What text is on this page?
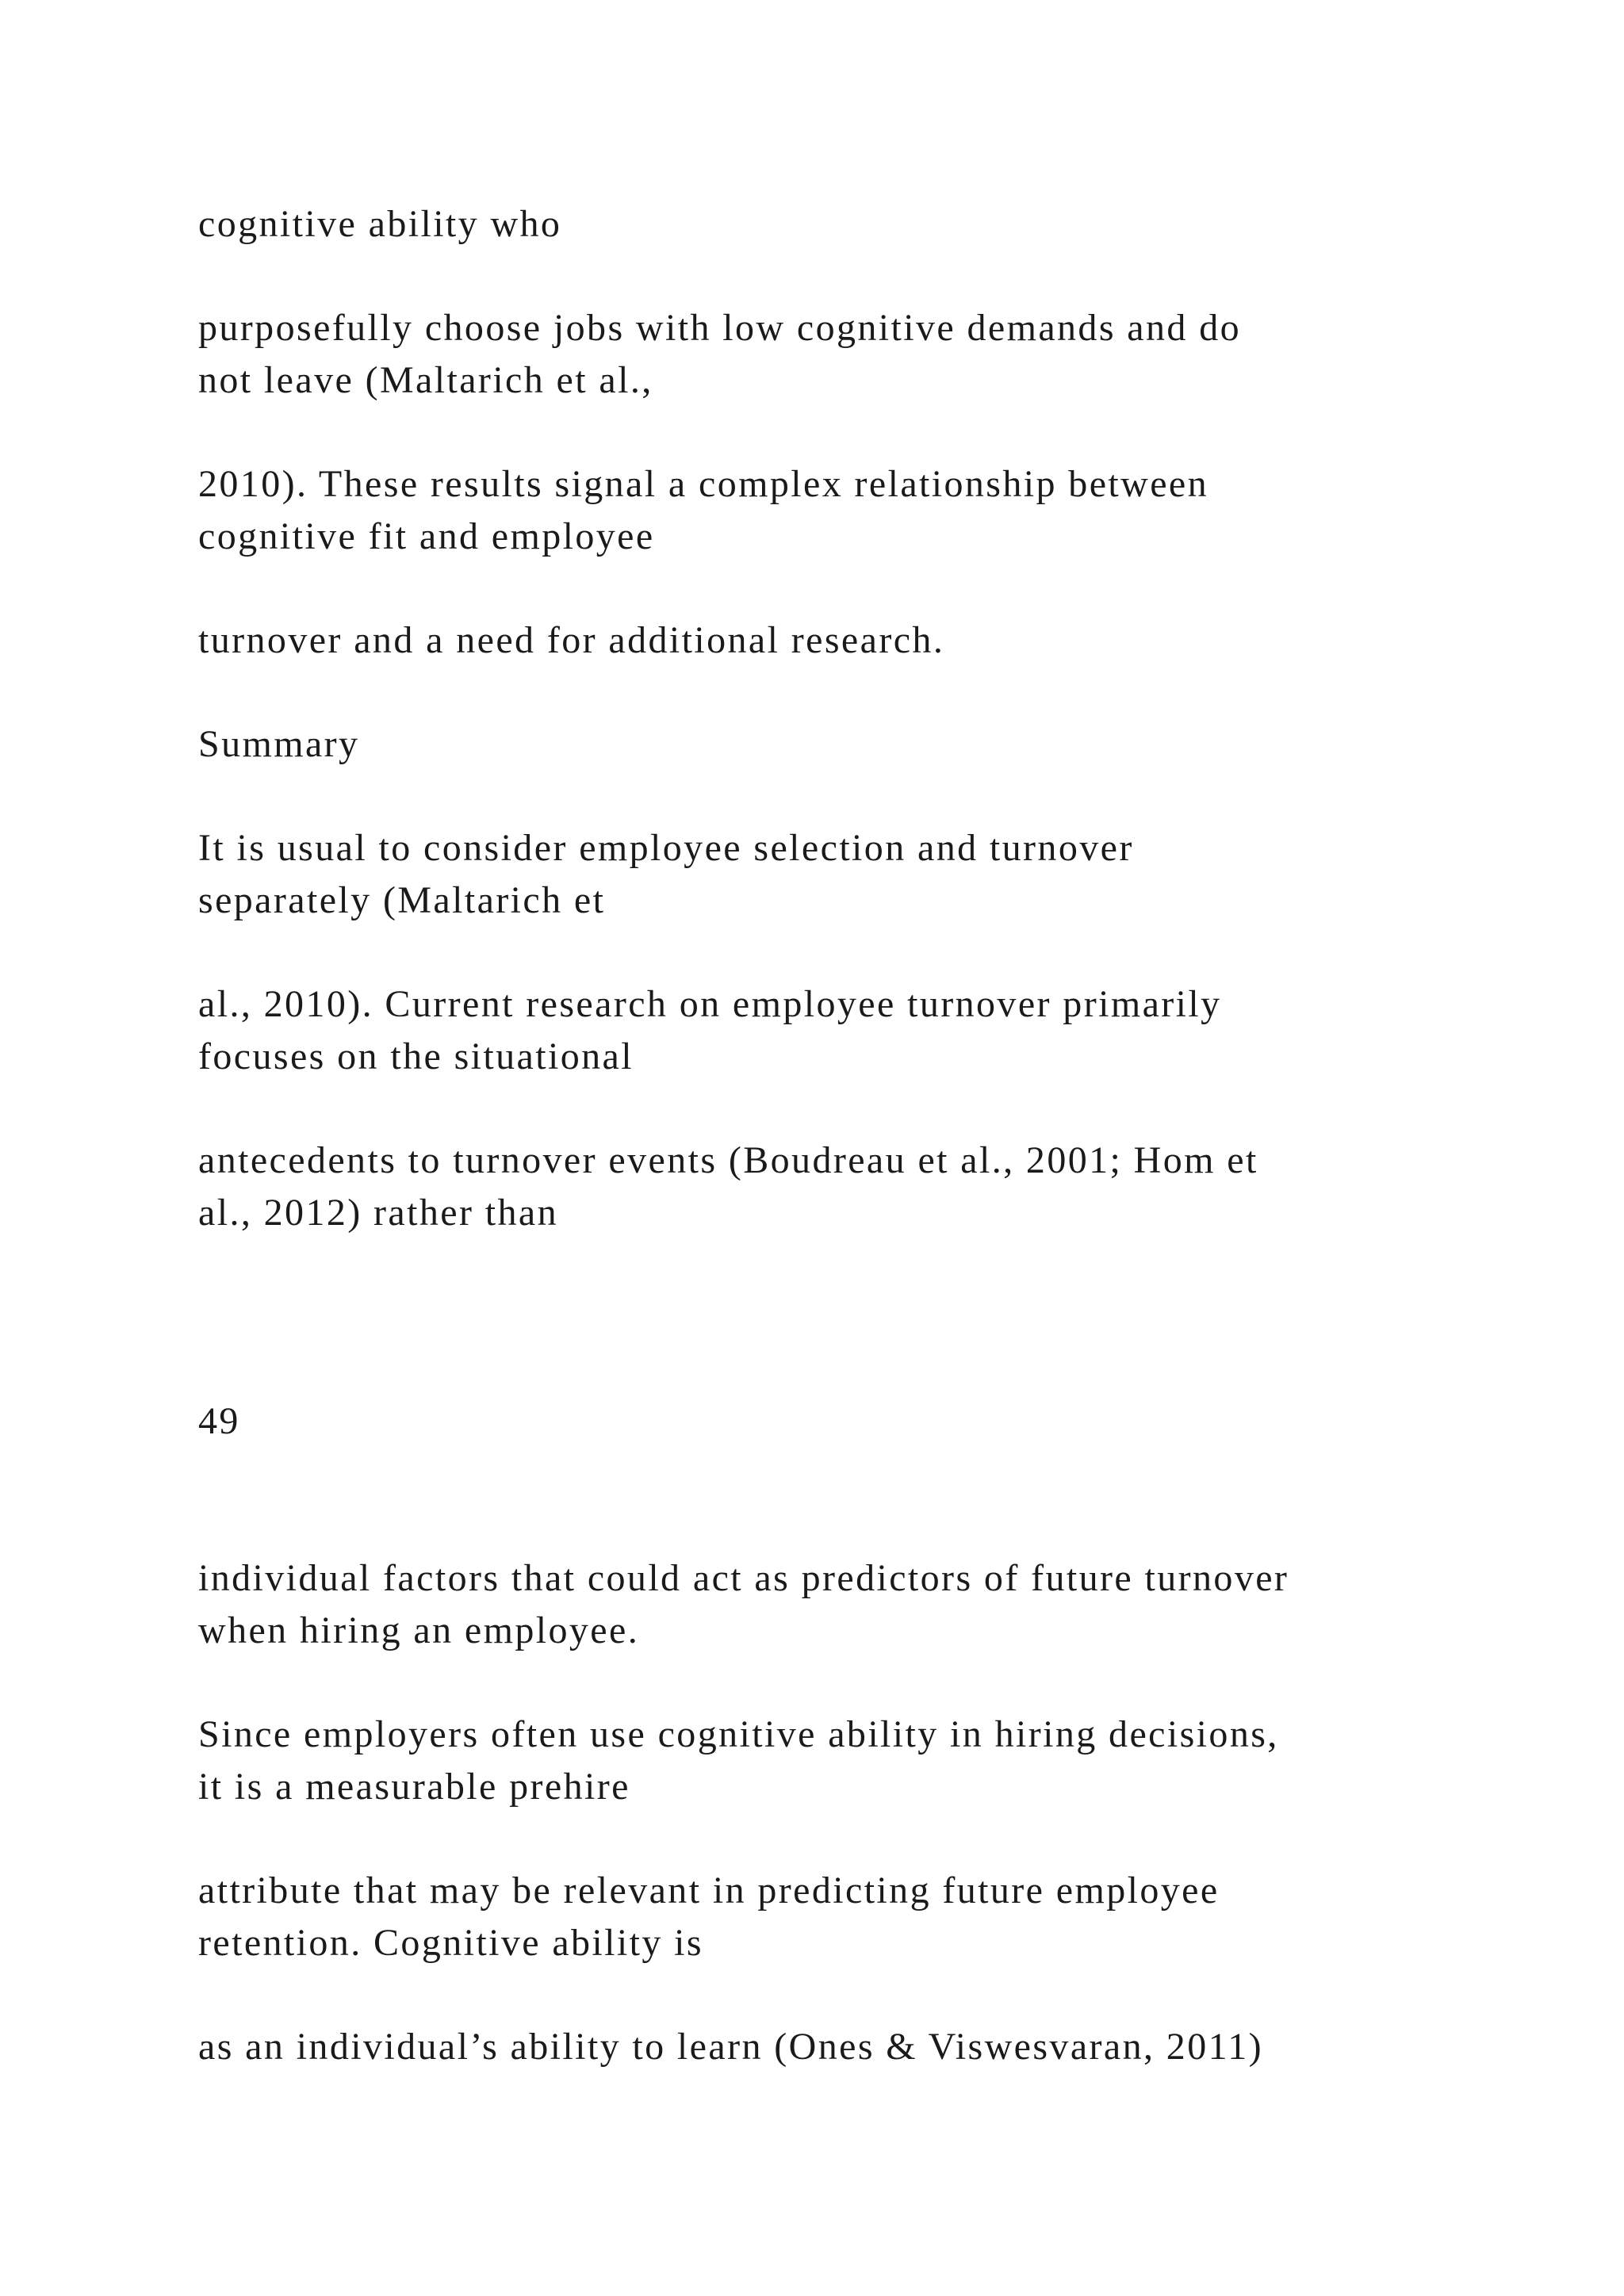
cognitive ability who

purposefully choose jobs with low cognitive demands and do

not leave (Maltarich et al.,

2010). These results signal a complex relationship between

cognitive fit and employee

turnover and a need for additional research.

Summary

It is usual to consider employee selection and turnover

separately (Maltarich et

al., 2010). Current research on employee turnover primarily

focuses on the situational

antecedents to turnover events (Boudreau et al., 2001; Hom et

al., 2012) rather than

49

individual factors that could act as predictors of future turnover

when hiring an employee.

Since employers often use cognitive ability in hiring decisions,

it is a measurable prehire

attribute that may be relevant in predicting future employee

retention. Cognitive ability is

as an individual’s ability to learn (Ones & Viswesvaran, 2011)
